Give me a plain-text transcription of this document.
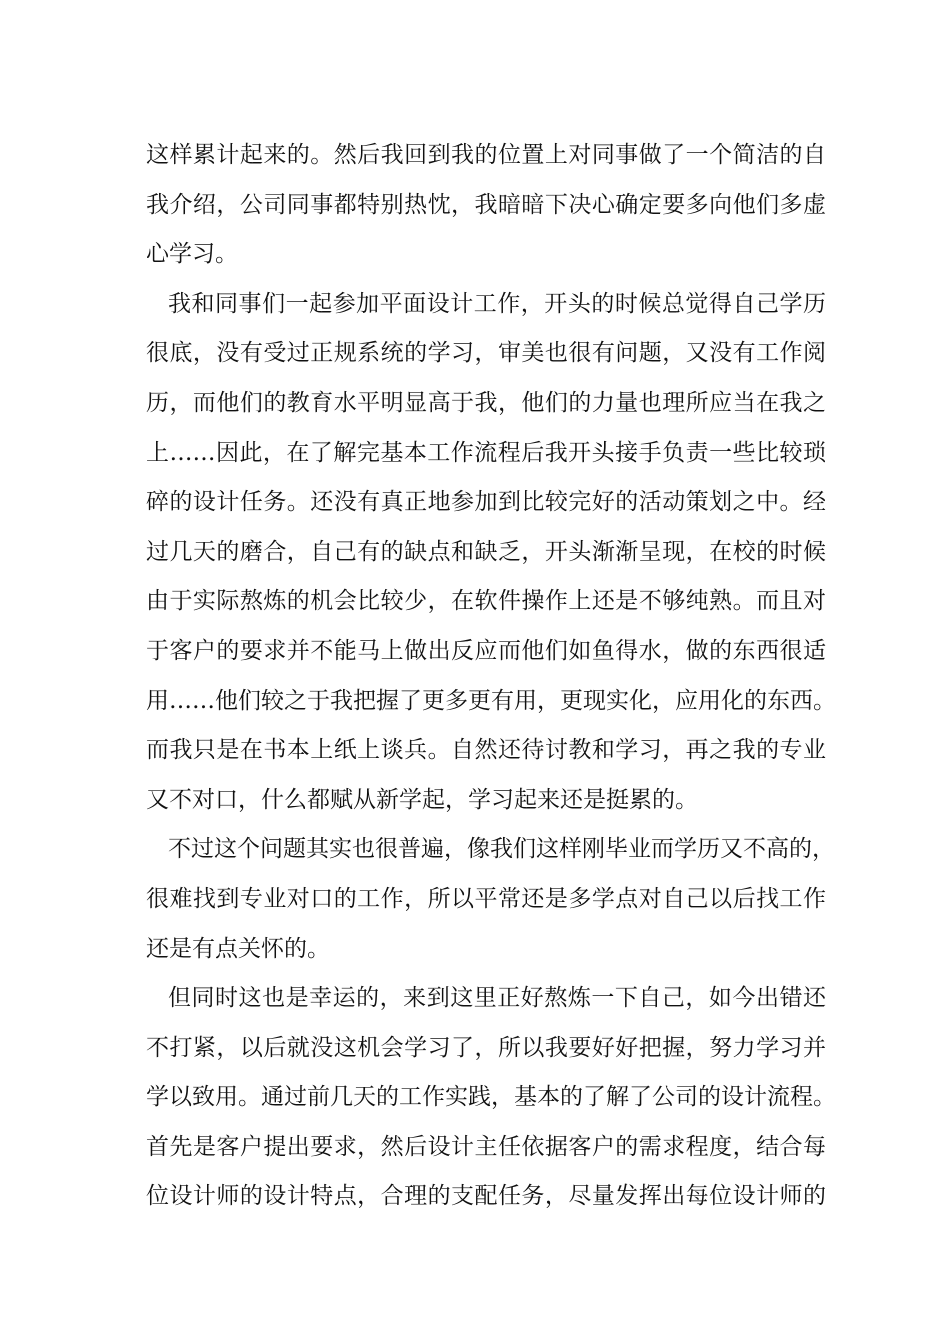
这样累计起来的。然后我回到我的位置上对同事做了一个简洁的自
我介绍，公司同事都特别热忱，我暗暗下决心确定要多向他们多虚
心学习。
我和同事们一起参加平面设计工作，开头的时候总觉得自己学历
很底，没有受过正规系统的学习，审美也很有问题，又没有工作阅
历，而他们的教育水平明显高于我，他们的力量也理所应当在我之
上……因此，在了解完基本工作流程后我开头接手负责一些比较琐
碎的设计任务。还没有真正地参加到比较完好的活动策划之中。经
过几天的磨合，自己有的缺点和缺乏，开头渐渐呈现，在校的时候
由于实际熬炼的机会比较少，在软件操作上还是不够纯熟。而且对
于客户的要求并不能马上做出反应而他们如鱼得水，做的东西很适
用……他们较之于我把握了更多更有用，更现实化，应用化的东西。
而我只是在书本上纸上谈兵。自然还待讨教和学习，再之我的专业
又不对口，什么都赋从新学起，学习起来还是挺累的。
不过这个问题其实也很普遍，像我们这样刚毕业而学历又不高的，
很难找到专业对口的工作，所以平常还是多学点对自己以后找工作
还是有点关怀的。
但同时这也是幸运的，来到这里正好熬炼一下自己，如今出错还
不打紧，以后就没这机会学习了，所以我要好好把握，努力学习并
学以致用。通过前几天的工作实践，基本的了解了公司的设计流程。
首先是客户提出要求，然后设计主任依据客户的需求程度，结合每
位设计师的设计特点，合理的支配任务，尽量发挥出每位设计师的
